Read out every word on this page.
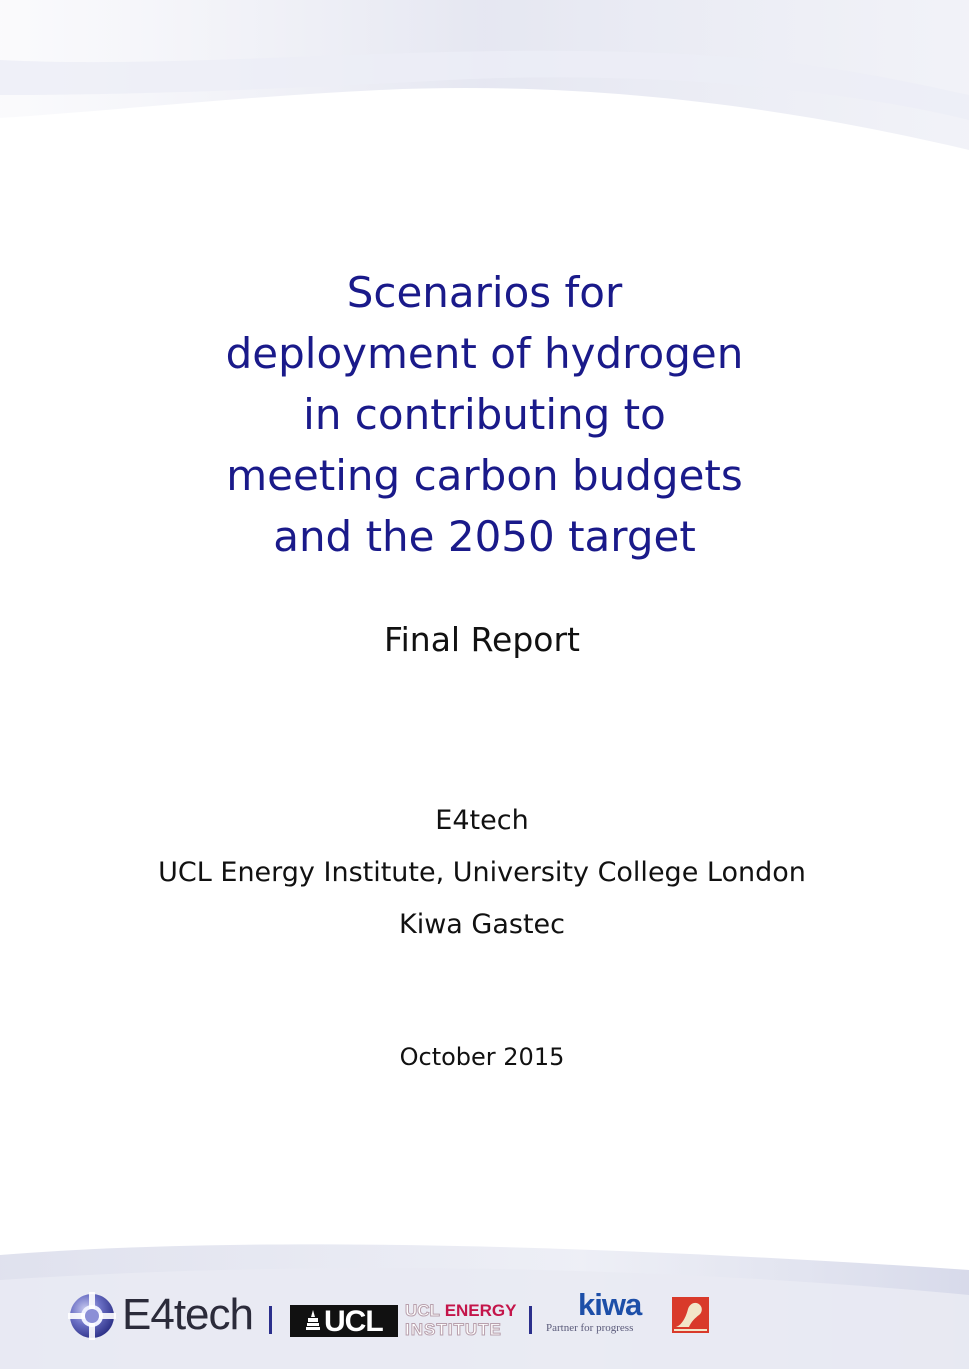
Scenarios for
deployment of hydrogen
in contributing to
meeting carbon budgets
and the 2050 target
Final Report
E4tech
UCL Energy Institute, University College London
Kiwa Gastec
October 2015
E4tech UCL UCL ENERGY
INSTITUTE
kiwa
Partner for progress
